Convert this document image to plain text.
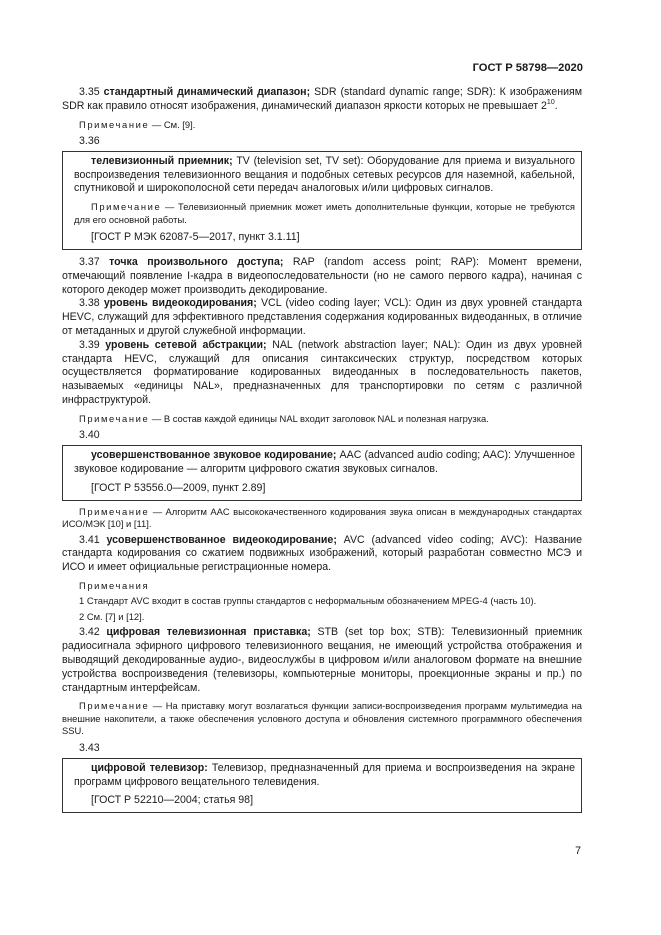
ГОСТ Р 58798—2020

3.35 стандартный динамический диапазон; SDR (standard dynamic range; SDR): К изображениям SDR как правило относят изображения, динамический диапазон яркости которых не превышает $2^{10}$.

Примечание — См. [9].

3.36

телевизионный приемник; TV (television set, TV set): Оборудование для приема и визуального воспроизведения телевизионного вещания и подобных сетевых ресурсов для наземной, кабельной, спутниковой и широкополосной сети передач аналоговых и/или цифровых сигналов.

Примечание — Телевизионный приемник может иметь дополнительные функции, которые не требуются для его основной работы.

[ГОСТ Р МЭК 62087-5—2017, пункт 3.1.11]

3.37 точка произвольного доступа; RAP (random access point; RAP): Момент времени, отмечающий появление I-кадра в видеопоследовательности (но не самого первого кадра), начиная с которого декодер может производить декодирование.

3.38 уровень видеокодирования; VCL (video coding layer; VCL): Один из двух уровней стандарта HEVC, служащий для эффективного представления содержания кодированных видеоданных, в отличие от метаданных и другой служебной информации.

3.39 уровень сетевой абстракции; NAL (network abstraction layer; NAL): Один из двух уровней стандарта HEVC, служащий для описания синтаксических структур, посредством которых осуществляется форматирование кодированных видеоданных в последовательность пакетов, называемых «единицы NAL», предназначенных для транспортировки по сетям с различной инфраструктурой.

Примечание — В состав каждой единицы NAL входит заголовок NAL и полезная нагрузка.

3.40

усовершенствованное звуковое кодирование; AAC (advanced audio coding; AAC): Улучшенное звуковое кодирование — алгоритм цифрового сжатия звуковых сигналов.

[ГОСТ Р 53556.0—2009, пункт 2.89]

Примечание — Алгоритм AAC высококачественного кодирования звука описан в международных стандартах ИСО/МЭК [10] и [11].

3.41 усовершенствованное видеокодирование; AVC (advanced video coding; AVC): Название стандарта кодирования со сжатием подвижных изображений, который разработан совместно МСЭ и ИСО и имеет официальные регистрационные номера.

Примечания

1 Стандарт AVC входит в состав группы стандартов с неформальным обозначением MPEG-4 (часть 10).

2 См. [7] и [12].

3.42 цифровая телевизионная приставка; STB (set top box; STB): Телевизионный приемник радиосигнала эфирного цифрового телевизионного вещания, не имеющий устройства отображения и выводящий декодированные аудио-, видеослужбы в цифровом и/или аналоговом формате на внешние устройства воспроизведения (телевизоры, компьютерные мониторы, проекционные экраны и пр.) по стандартным интерфейсам.

Примечание — На приставку могут возлагаться функции записи-воспроизведения программ мультимедиа на внешние накопители, а также обеспечения условного доступа и обновления системного программного обеспечения SSU.

3.43

цифровой телевизор: Телевизор, предназначенный для приема и воспроизведения на экране программ цифрового вещательного телевидения.

[ГОСТ Р 52210—2004; статья 98]

7
